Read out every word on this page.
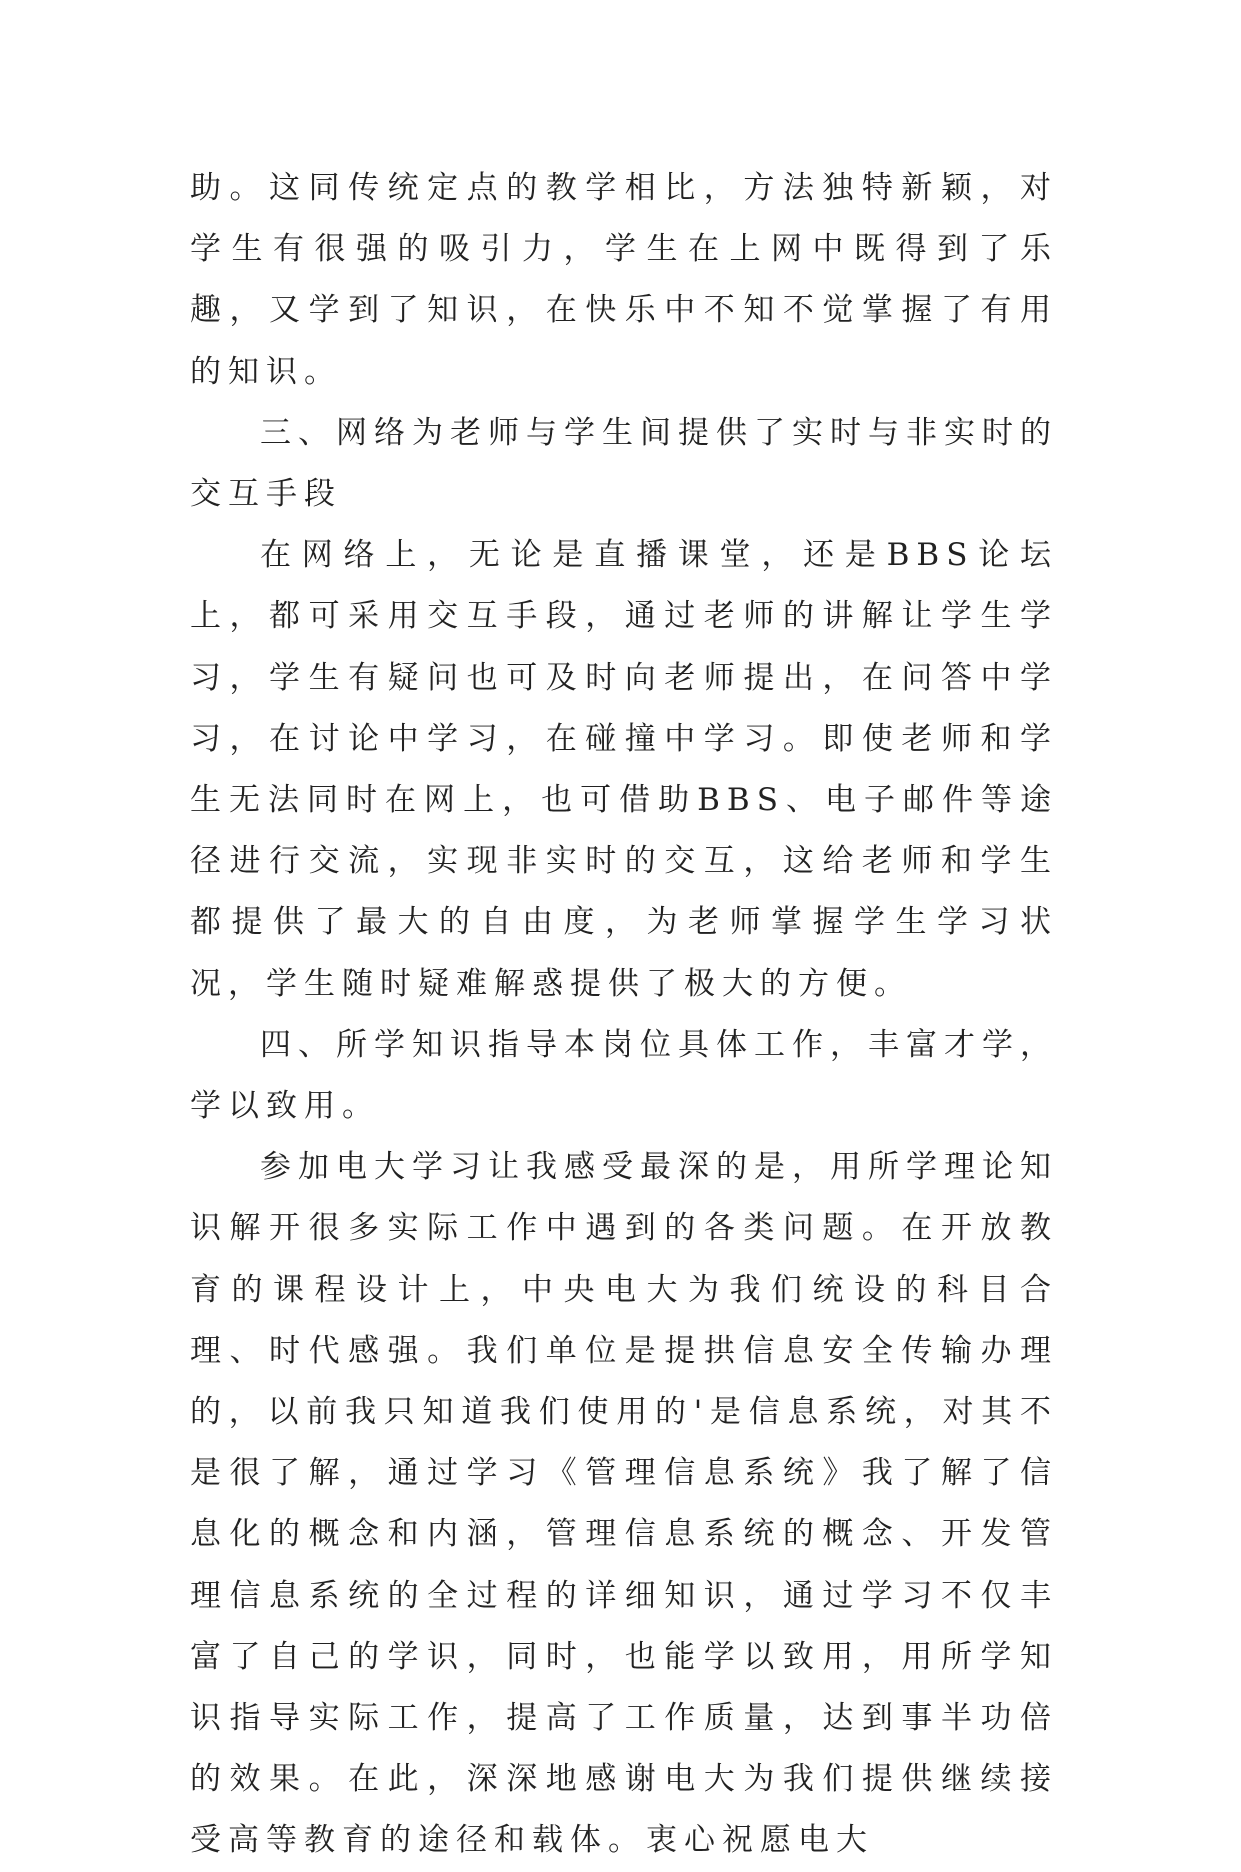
助。这同传统定点的教学相比，方法独特新颖，对学生有很强的吸引力，学生在上网中既得到了乐趣，又学到了知识，在快乐中不知不觉掌握了有用的知识。

三、网络为老师与学生间提供了实时与非实时的交互手段

在网络上，无论是直播课堂，还是BBS论坛上，都可采用交互手段，通过老师的讲解让学生学习，学生有疑问也可及时向老师提出，在问答中学习，在讨论中学习，在碰撞中学习。即使老师和学生无法同时在网上，也可借助BBS、电子邮件等途径进行交流，实现非实时的交互，这给老师和学生都提供了最大的自由度，为老师掌握学生学习状况，学生随时疑难解惑提供了极大的方便。

四、所学知识指导本岗位具体工作，丰富才学，学以致用。

参加电大学习让我感受最深的是，用所学理论知识解开很多实际工作中遇到的各类问题。在开放教育的课程设计上，中央电大为我们统设的科目合理、时代感强。我们单位是提拱信息安全传输办理的，以前我只知道我们使用的'是信息系统，对其不是很了解，通过学习《管理信息系统》我了解了信息化的概念和内涵，管理信息系统的概念、开发管理信息系统的全过程的详细知识，通过学习不仅丰富了自己的学识，同时，也能学以致用，用所学知识指导实际工作，提高了工作质量，达到事半功倍的效果。在此，深深地感谢电大为我们提供继续接受高等教育的途径和载体。衷心祝愿电大
